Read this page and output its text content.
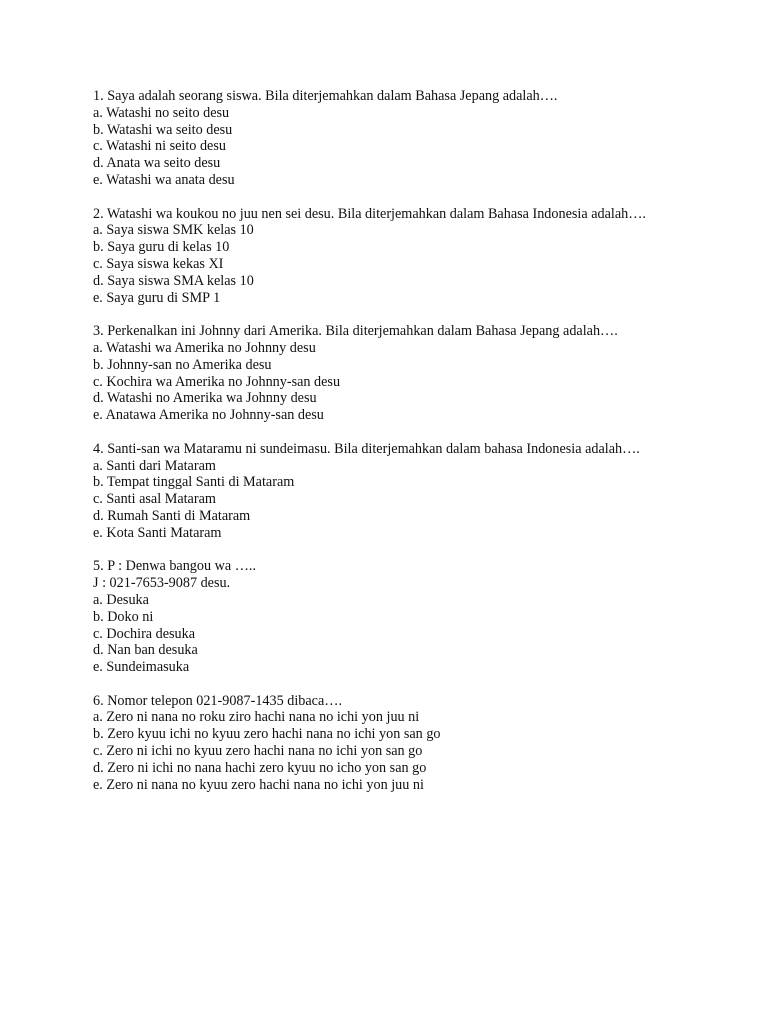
1. Saya adalah seorang siswa. Bila diterjemahkan dalam Bahasa Jepang adalah….
a. Watashi no seito desu
b. Watashi wa seito desu
c. Watashi ni seito desu
d. Anata wa seito desu
e. Watashi wa anata desu
2. Watashi wa koukou no juu nen sei desu. Bila diterjemahkan dalam Bahasa Indonesia adalah….
a. Saya siswa SMK kelas 10
b. Saya guru di kelas 10
c. Saya siswa kekas XI
d. Saya siswa SMA kelas 10
e. Saya guru di SMP 1
3. Perkenalkan ini Johnny dari Amerika. Bila diterjemahkan dalam Bahasa Jepang adalah….
a. Watashi wa Amerika no Johnny desu
b. Johnny-san no Amerika desu
c. Kochira wa Amerika no Johnny-san desu
d. Watashi no Amerika wa Johnny desu
e. Anatawa Amerika no Johnny-san desu
4. Santi-san wa Mataramu ni sundeimasu. Bila diterjemahkan dalam bahasa Indonesia adalah….
a. Santi dari Mataram
b. Tempat tinggal Santi di Mataram
c. Santi asal Mataram
d. Rumah Santi di Mataram
e. Kota Santi Mataram
5. P : Denwa bangou wa …..
J : 021-7653-9087 desu.
a. Desuka
b. Doko ni
c. Dochira desuka
d. Nan ban desuka
e. Sundeimasuka
6. Nomor telepon 021-9087-1435 dibaca….
a. Zero ni nana no roku ziro hachi nana no ichi yon juu ni
b. Zero kyuu ichi no kyuu zero hachi nana no ichi yon san go
c. Zero ni ichi no kyuu zero hachi nana no ichi yon san go
d. Zero ni ichi no nana hachi zero kyuu no icho yon san go
e. Zero ni nana no kyuu zero hachi nana no ichi yon juu ni
